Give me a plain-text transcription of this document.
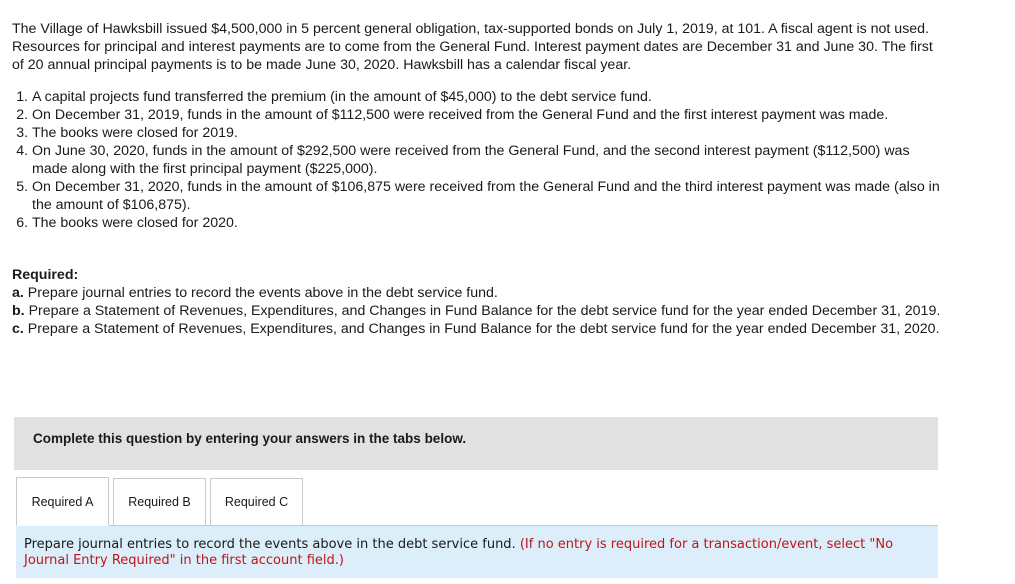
The Village of Hawksbill issued $4,500,000 in 5 percent general obligation, tax-supported bonds on July 1, 2019, at 101. A fiscal agent is not used. Resources for principal and interest payments are to come from the General Fund. Interest payment dates are December 31 and June 30. The first of 20 annual principal payments is to be made June 30, 2020. Hawksbill has a calendar fiscal year.

1. A capital projects fund transferred the premium (in the amount of $45,000) to the debt service fund.
2. On December 31, 2019, funds in the amount of $112,500 were received from the General Fund and the first interest payment was made.
3. The books were closed for 2019.
4. On June 30, 2020, funds in the amount of $292,500 were received from the General Fund, and the second interest payment ($112,500) was made along with the first principal payment ($225,000).
5. On December 31, 2020, funds in the amount of $106,875 were received from the General Fund and the third interest payment was made (also in the amount of $106,875).
6. The books were closed for 2020.
Required:
a. Prepare journal entries to record the events above in the debt service fund.
b. Prepare a Statement of Revenues, Expenditures, and Changes in Fund Balance for the debt service fund for the year ended December 31, 2019.
c. Prepare a Statement of Revenues, Expenditures, and Changes in Fund Balance for the debt service fund for the year ended December 31, 2020.
Complete this question by entering your answers in the tabs below.
Required A	Required B	Required C
Prepare journal entries to record the events above in the debt service fund. (If no entry is required for a transaction/event, select "No Journal Entry Required" in the first account field.)
